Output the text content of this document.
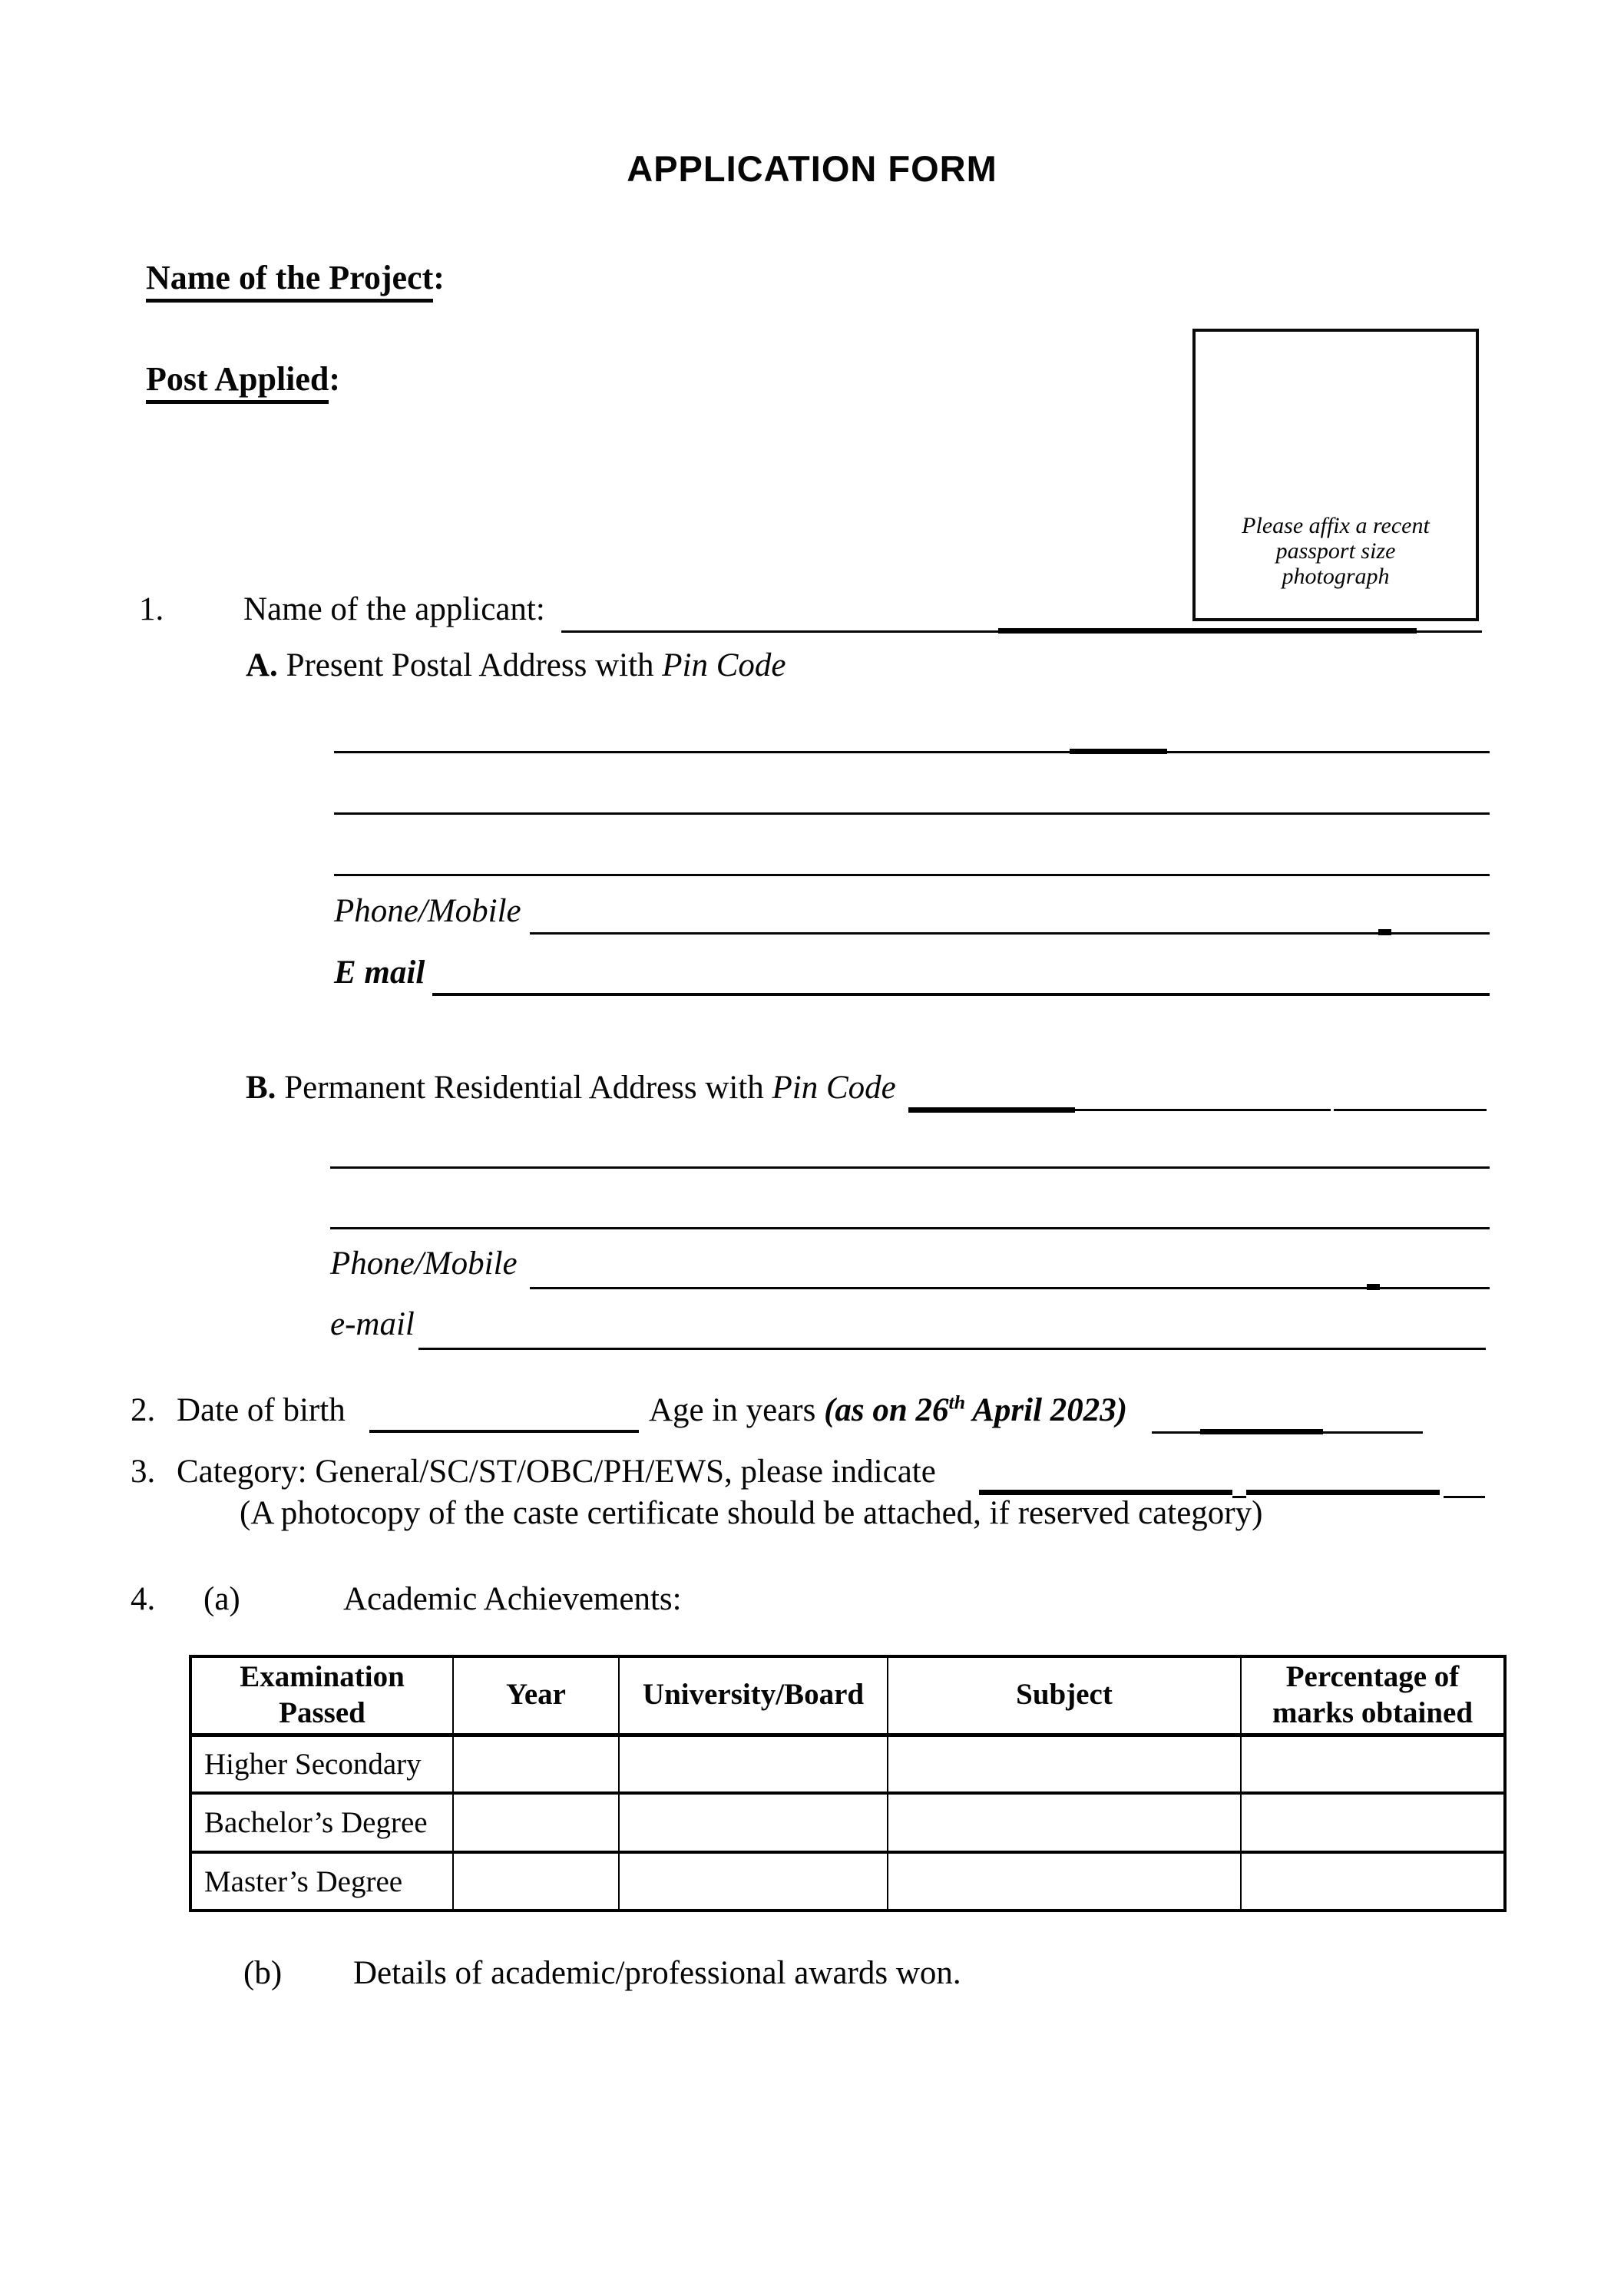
APPLICATION FORM
Name of the Project:
Post Applied:
Please affix a recent
passport size
photograph
1. Name of the applicant:
A. Present Postal Address with Pin Code
Phone/Mobile
E mail
B. Permanent Residential Address with Pin Code
Phone/Mobile
e-mail
2. Date of birth	Age in years (as on 26th April 2023)
3. Category: General/SC/ST/OBC/PH/EWS, please indicate
(A photocopy of the caste certificate should be attached, if reserved category)
4. (a)	Academic Achievements:
Examination Passed	Year	University/Board	Subject	Percentage of marks obtained
Higher Secondary				
Bachelor’s Degree				
Master’s Degree				
(b) Details of academic/professional awards won.
